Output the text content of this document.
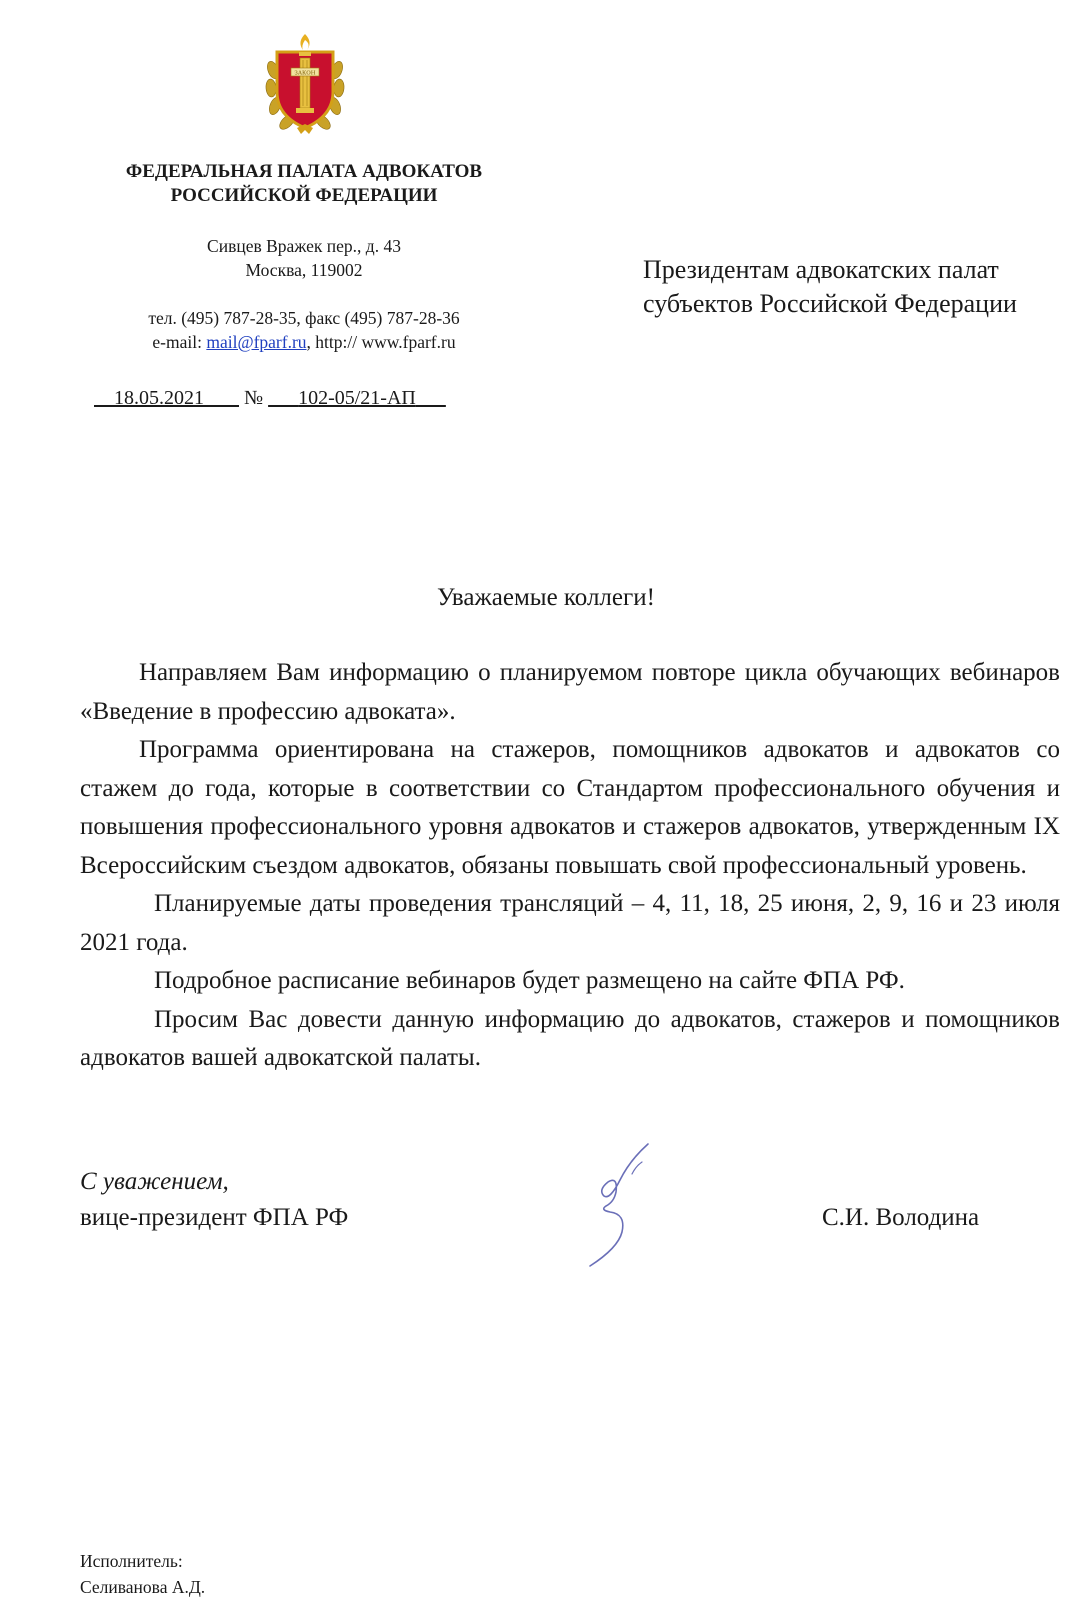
ЗАКОН
ФЕДЕРАЛЬНАЯ ПАЛАТА АДВОКАТОВ
РОССИЙСКОЙ ФЕДЕРАЦИИ
Сивцев Вражек пер., д. 43
Москва, 119002
тел. (495) 787-28-35, факс (495) 787-28-36
e-mail: mail@fparf.ru, http:// www.fparf.ru
18.05.2021 № 102-05/21-АП
Президентам адвокатских палат
субъектов Российской Федерации
Уважаемые коллеги!

Направляем Вам информацию о планируемом повторе цикла обучающих вебинаров «Введение в профессию адвоката».

Программа ориентирована на стажеров, помощников адвокатов и адвокатов со стажем до года, которые в соответствии со Стандартом профессионального обучения и повышения профессионального уровня адвокатов и стажеров адвокатов, утвержденным IX Всероссийским съездом адвокатов, обязаны повышать свой профессиональный уровень.

Планируемые даты проведения трансляций – 4, 11, 18, 25 июня, 2, 9, 16 и 23 июля 2021 года.

Подробное расписание вебинаров будет размещено на сайте ФПА РФ.

Просим Вас довести данную информацию до адвокатов, стажеров и помощников адвокатов вашей адвокатской палаты.

С уважением,
вице-президент ФПА РФ	С.И. Володина
Исполнитель:
Селиванова А.Д.
